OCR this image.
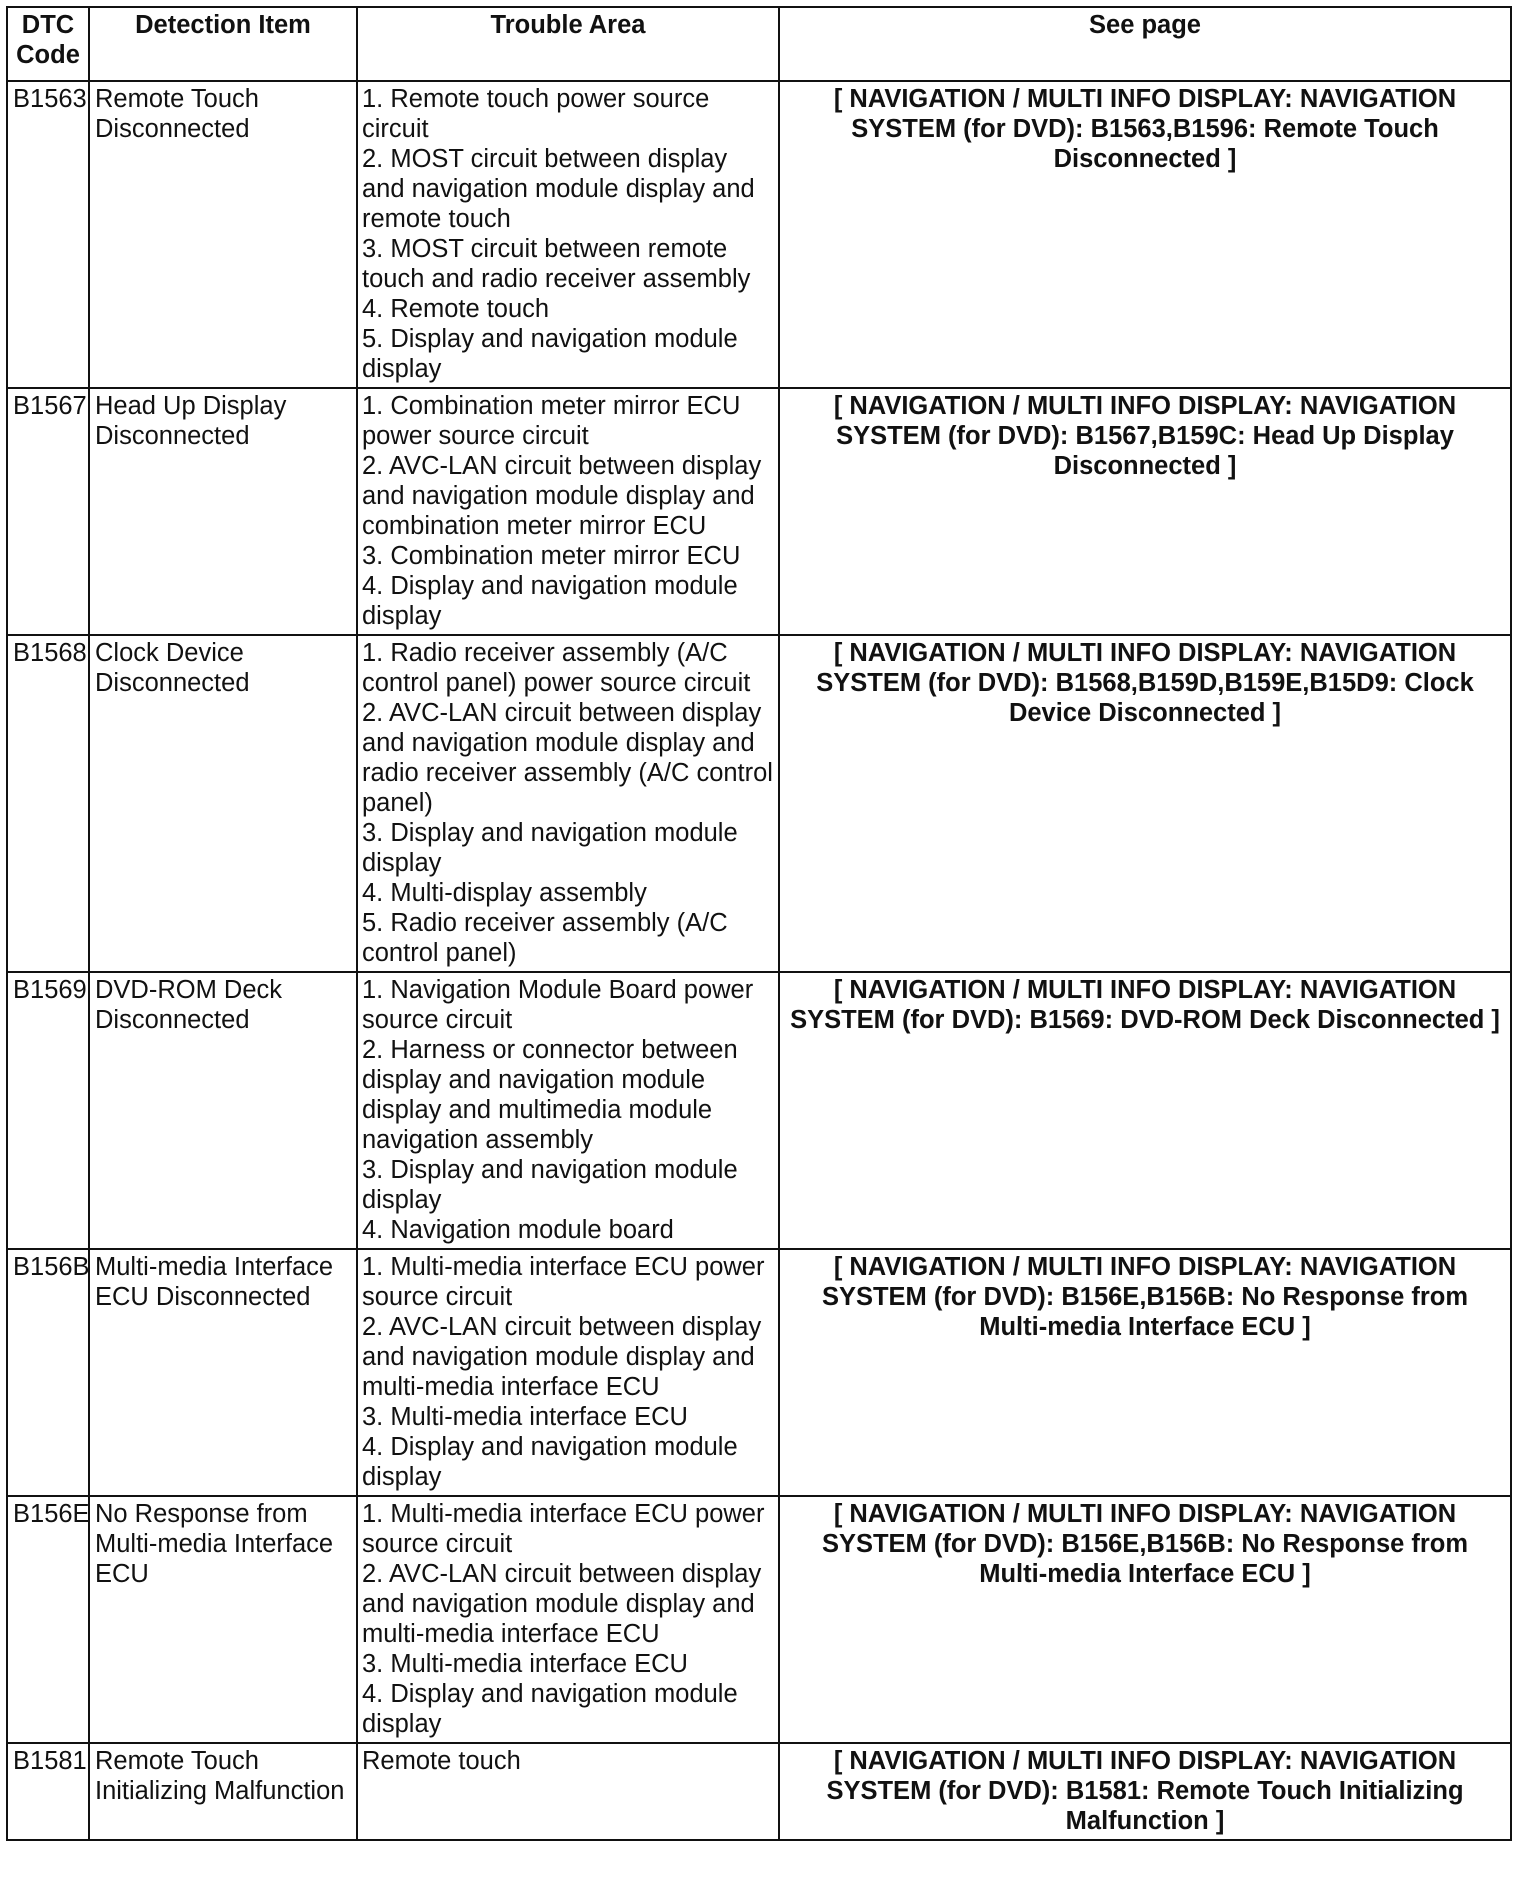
DTC Code	Detection Item	Trouble Area	See page
B1563	Remote Touch Disconnected	1. Remote touch power source circuit
2. MOST circuit between display and navigation module display and remote touch
3. MOST circuit between remote touch and radio receiver assembly
4. Remote touch
5. Display and navigation module display	[ NAVIGATION / MULTI INFO DISPLAY: NAVIGATION SYSTEM (for DVD): B1563,B1596: Remote Touch Disconnected ]
B1567	Head Up Display Disconnected	1. Combination meter mirror ECU power source circuit
2. AVC-LAN circuit between display and navigation module display and combination meter mirror ECU
3. Combination meter mirror ECU
4. Display and navigation module display	[ NAVIGATION / MULTI INFO DISPLAY: NAVIGATION SYSTEM (for DVD): B1567,B159C: Head Up Display Disconnected ]
B1568	Clock Device Disconnected	1. Radio receiver assembly (A/C control panel) power source circuit
2. AVC-LAN circuit between display and navigation module display and radio receiver assembly (A/C control panel)
3. Display and navigation module display
4. Multi-display assembly
5. Radio receiver assembly (A/C control panel)	[ NAVIGATION / MULTI INFO DISPLAY: NAVIGATION SYSTEM (for DVD): B1568,B159D,B159E,B15D9: Clock Device Disconnected ]
B1569	DVD-ROM Deck Disconnected	1. Navigation Module Board power source circuit
2. Harness or connector between display and navigation module display and multimedia module navigation assembly
3. Display and navigation module display
4. Navigation module board	[ NAVIGATION / MULTI INFO DISPLAY: NAVIGATION SYSTEM (for DVD): B1569: DVD-ROM Deck Disconnected ]
B156B	Multi-media Interface ECU Disconnected	1. Multi-media interface ECU power source circuit
2. AVC-LAN circuit between display and navigation module display and multi-media interface ECU
3. Multi-media interface ECU
4. Display and navigation module display	[ NAVIGATION / MULTI INFO DISPLAY: NAVIGATION SYSTEM (for DVD): B156E,B156B: No Response from Multi-media Interface ECU ]
B156E	No Response from Multi-media Interface ECU	1. Multi-media interface ECU power source circuit
2. AVC-LAN circuit between display and navigation module display and multi-media interface ECU
3. Multi-media interface ECU
4. Display and navigation module display	[ NAVIGATION / MULTI INFO DISPLAY: NAVIGATION SYSTEM (for DVD): B156E,B156B: No Response from Multi-media Interface ECU ]
B1581	Remote Touch Initializing Malfunction	Remote touch	[ NAVIGATION / MULTI INFO DISPLAY: NAVIGATION SYSTEM (for DVD): B1581: Remote Touch Initializing Malfunction ]
